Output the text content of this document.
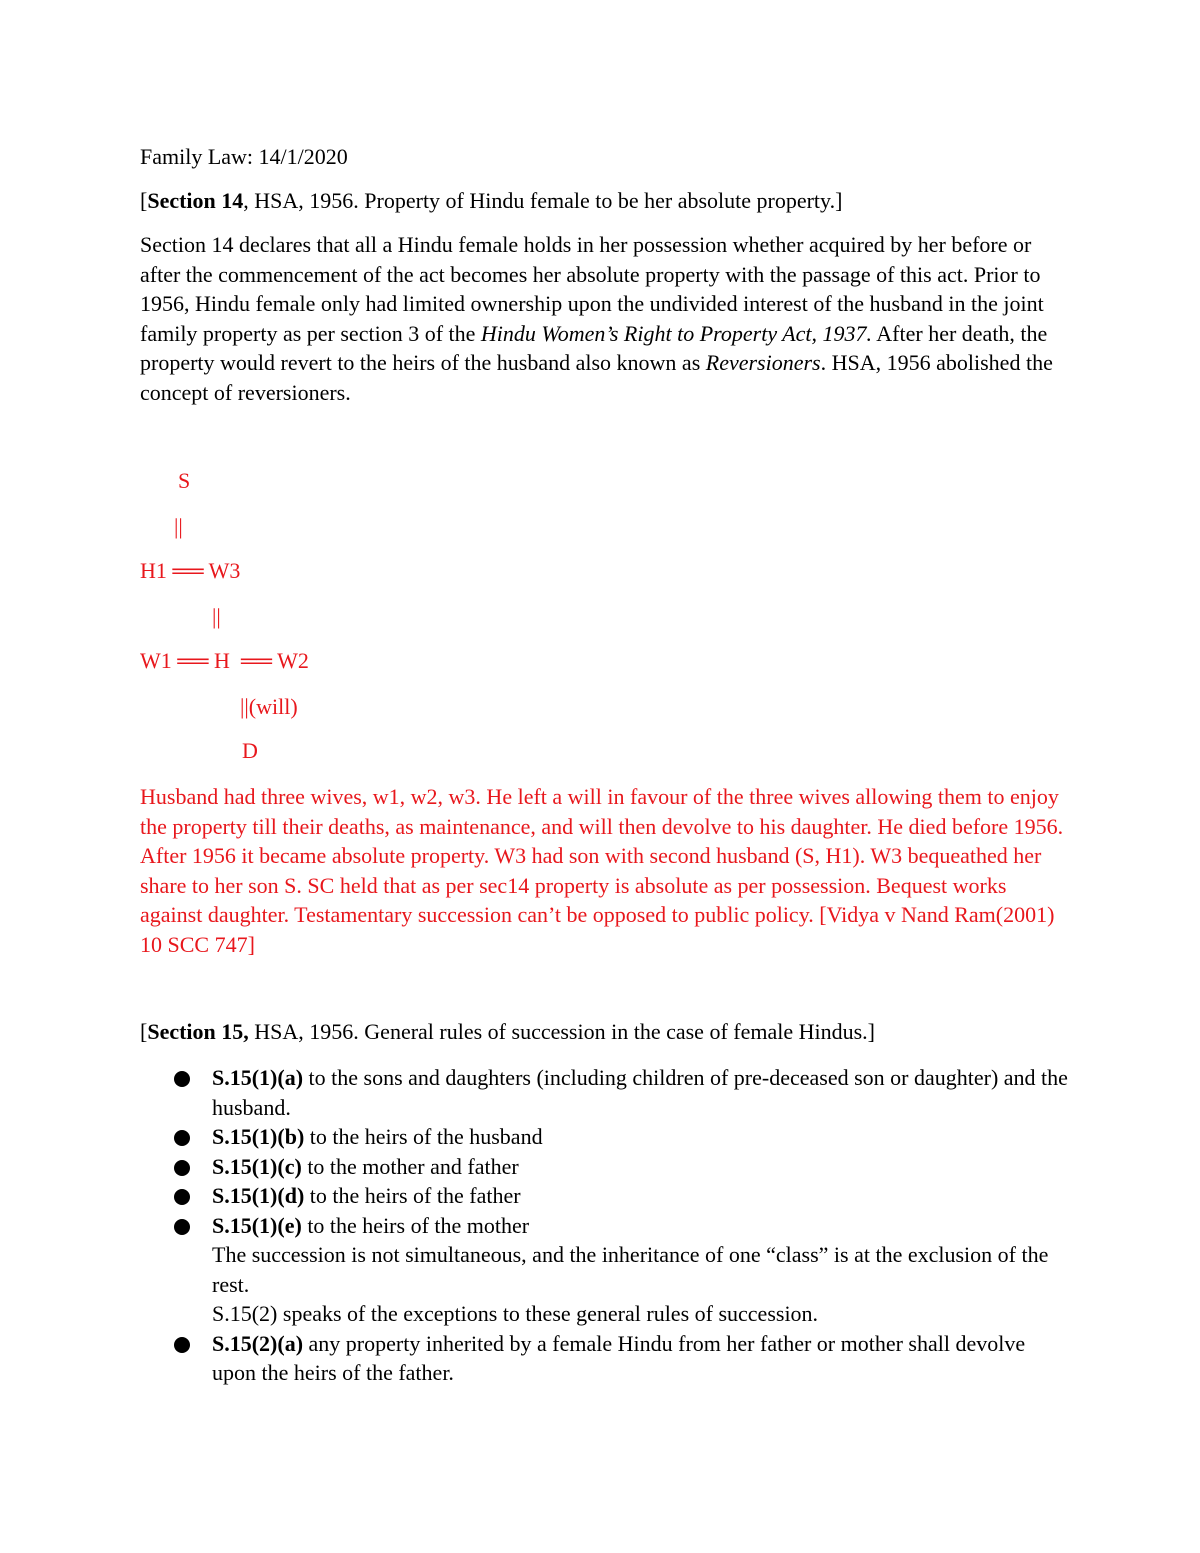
Family Law: 14/1/2020
[Section 14, HSA, 1956. Property of Hindu female to be her absolute property.]
Section 14 declares that all a Hindu female holds in her possession whether acquired by her before or after the commencement of the act becomes her absolute property with the passage of this act. Prior to 1956, Hindu female only had limited ownership upon the undivided interest of the husband in the joint family property as per section 3 of the Hindu Women’s Right to Property Act, 1937. After her death, the property would revert to the heirs of the husband also known as Reversioners. HSA, 1956 abolished the concept of reversioners.
S
||
H1 ══ W3
||
W1 ══ H  ══ W2
||(will)
D
Husband had three wives, w1, w2, w3. He left a will in favour of the three wives allowing them to enjoy the property till their deaths, as maintenance, and will then devolve to his daughter. He died before 1956. After 1956 it became absolute property. W3 had son with second husband (S, H1). W3 bequeathed her share to her son S. SC held that as per sec14 property is absolute as per possession. Bequest works against daughter. Testamentary succession can’t be opposed to public policy. [Vidya v Nand Ram(2001) 10 SCC 747]
[Section 15, HSA, 1956. General rules of succession in the case of female Hindus.]
S.15(1)(a) to the sons and daughters (including children of pre-deceased son or daughter) and the husband.
S.15(1)(b) to the heirs of the husband
S.15(1)(c) to the mother and father
S.15(1)(d) to the heirs of the father
S.15(1)(e) to the heirs of the mother
The succession is not simultaneous, and the inheritance of one “class” is at the exclusion of the rest.
S.15(2) speaks of the exceptions to these general rules of succession.
S.15(2)(a) any property inherited by a female Hindu from her father or mother shall devolve upon the heirs of the father.
